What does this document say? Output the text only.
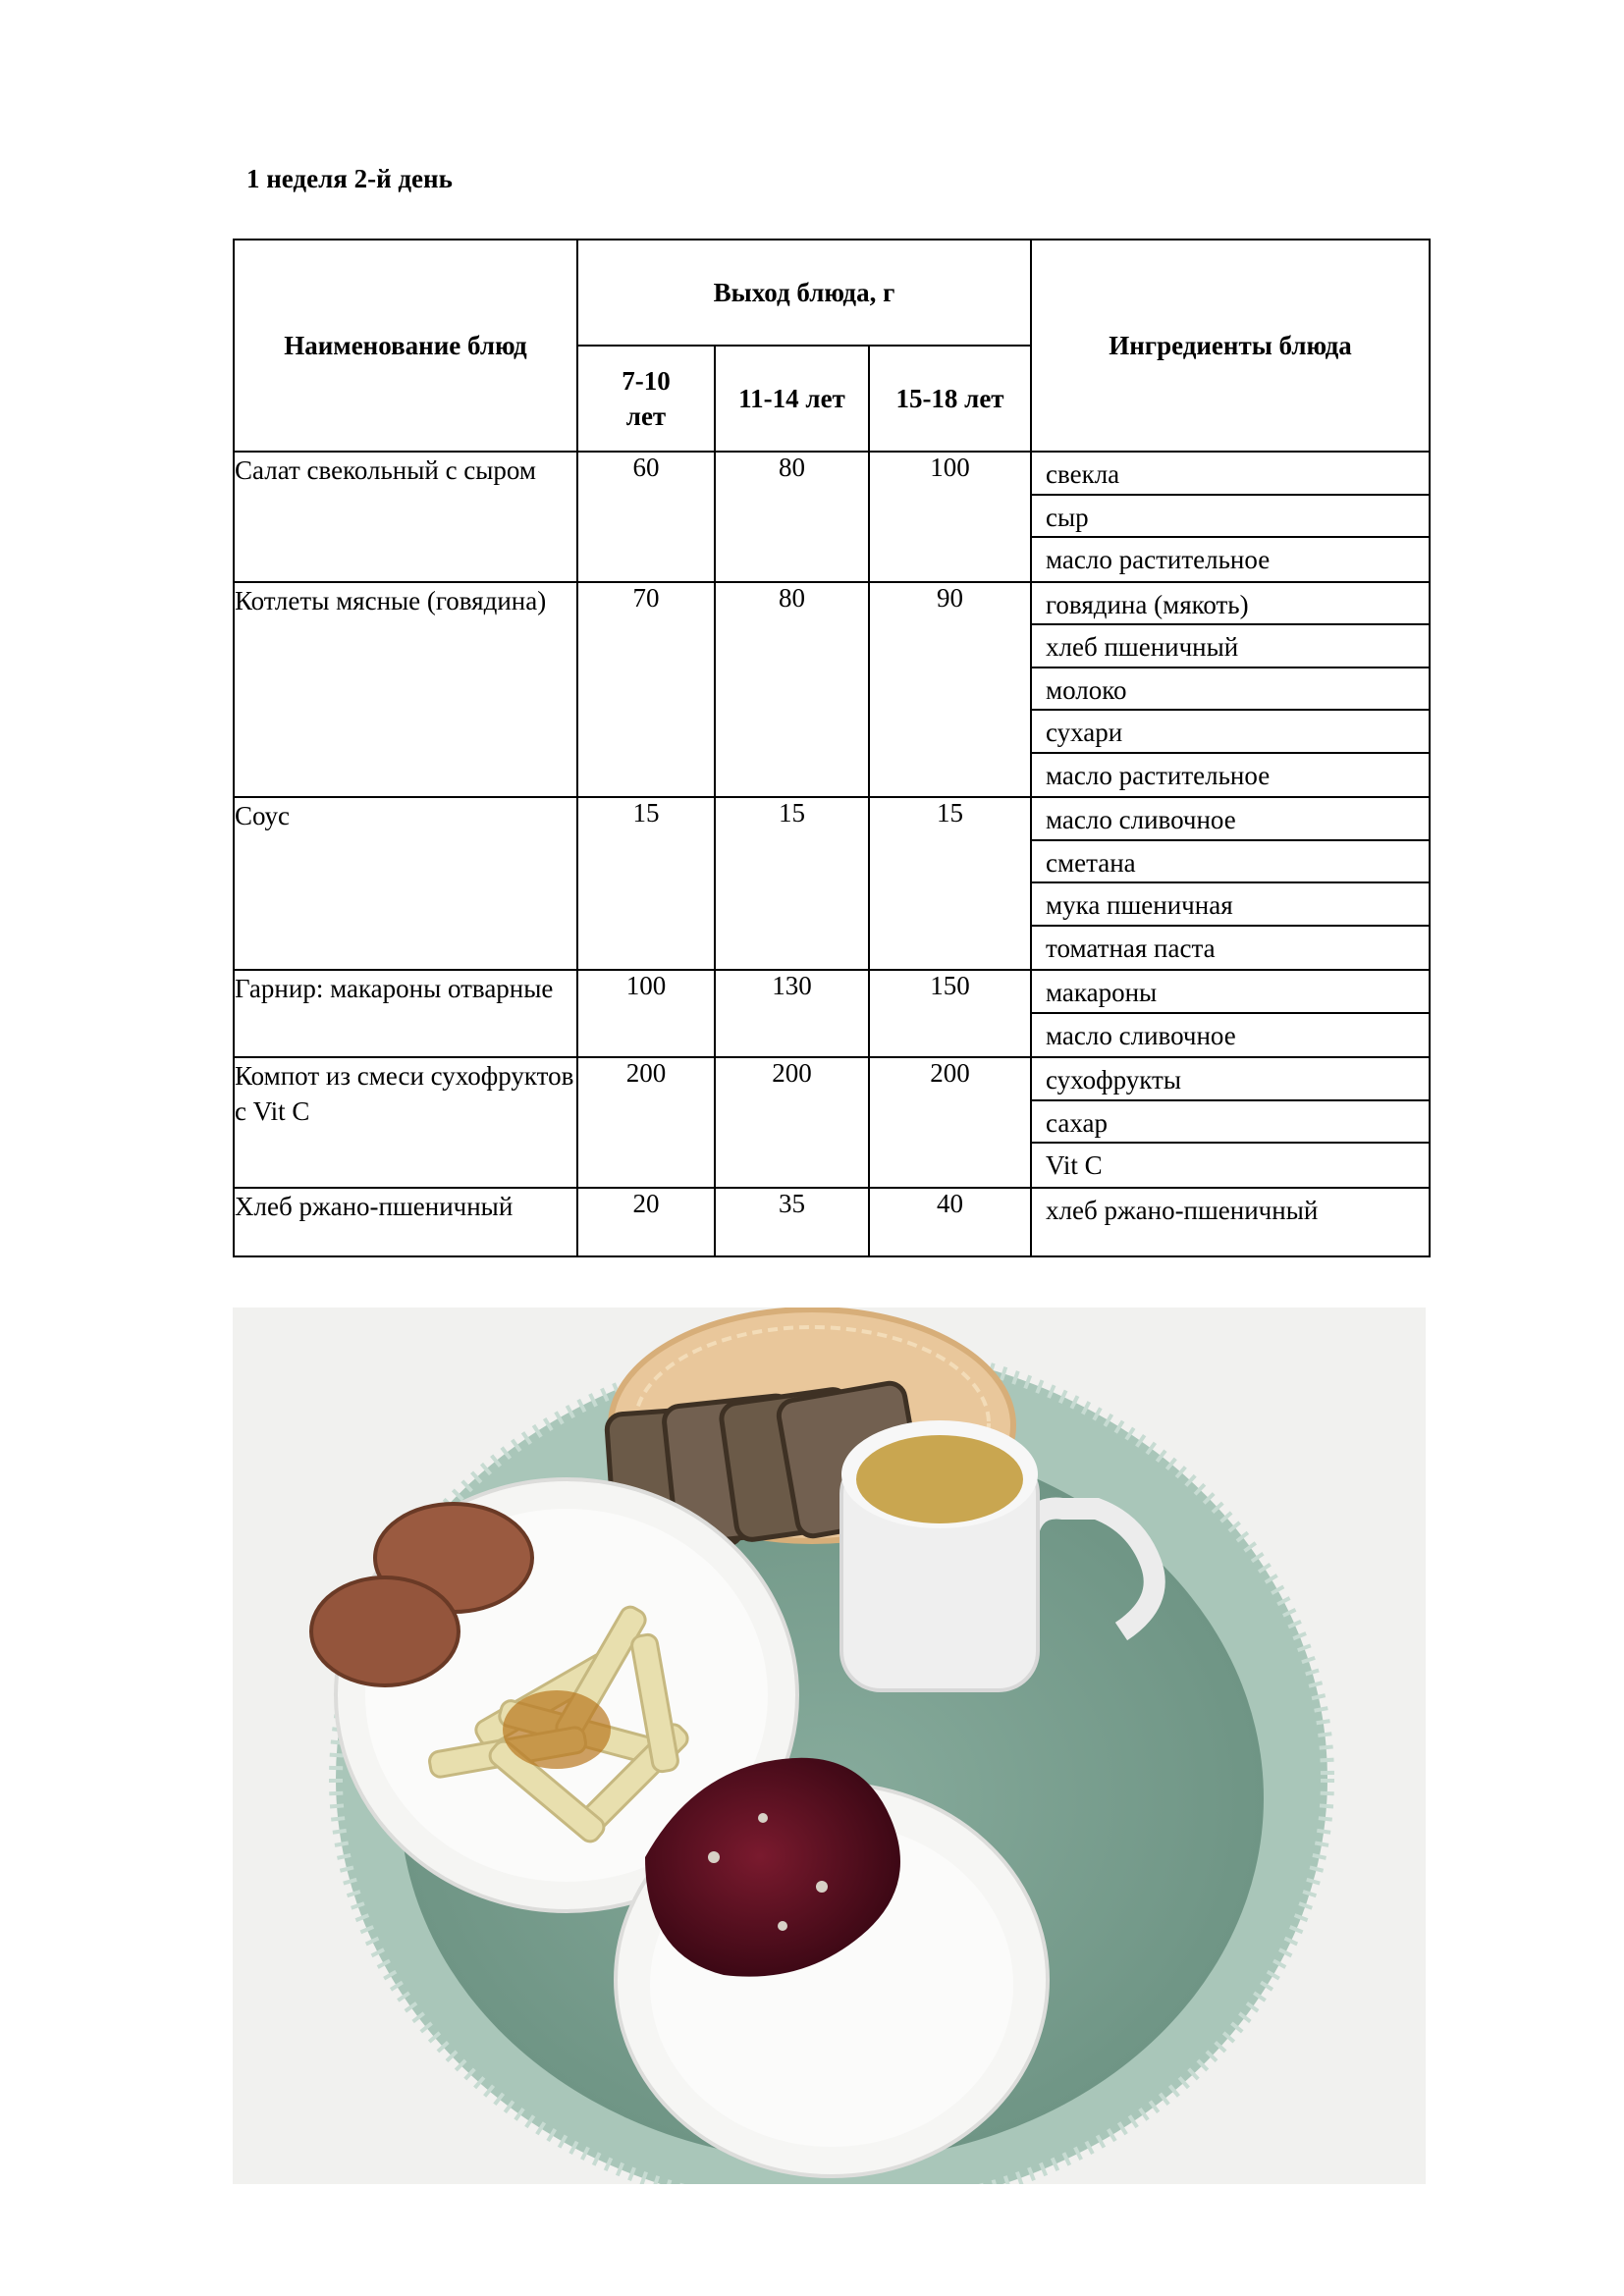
1 неделя 2-й день
Наименование блюд	Выход блюда, г			Ингредиенты блюда
	7-10 лет	11-14 лет	15-18 лет	
Салат свекольный с сыром	60	80	100	свекла
сыр
масло растительное

Котлеты мясные (говядина)	70	80	90	говядина (мякоть)
хлеб пшеничный
молоко
сухари
масло растительное

Соус	15	15	15	масло сливочное
сметана
мука пшеничная
томатная паста

Гарнир: макароны отварные	100	130	150	макароны
масло сливочное

Компот из смеси сухофруктов с Vit C	200	200	200	сухофрукты
сахар
Vit C

Хлеб ржано-пшеничный	20	35	40	хлеб ржано-пшеничный
